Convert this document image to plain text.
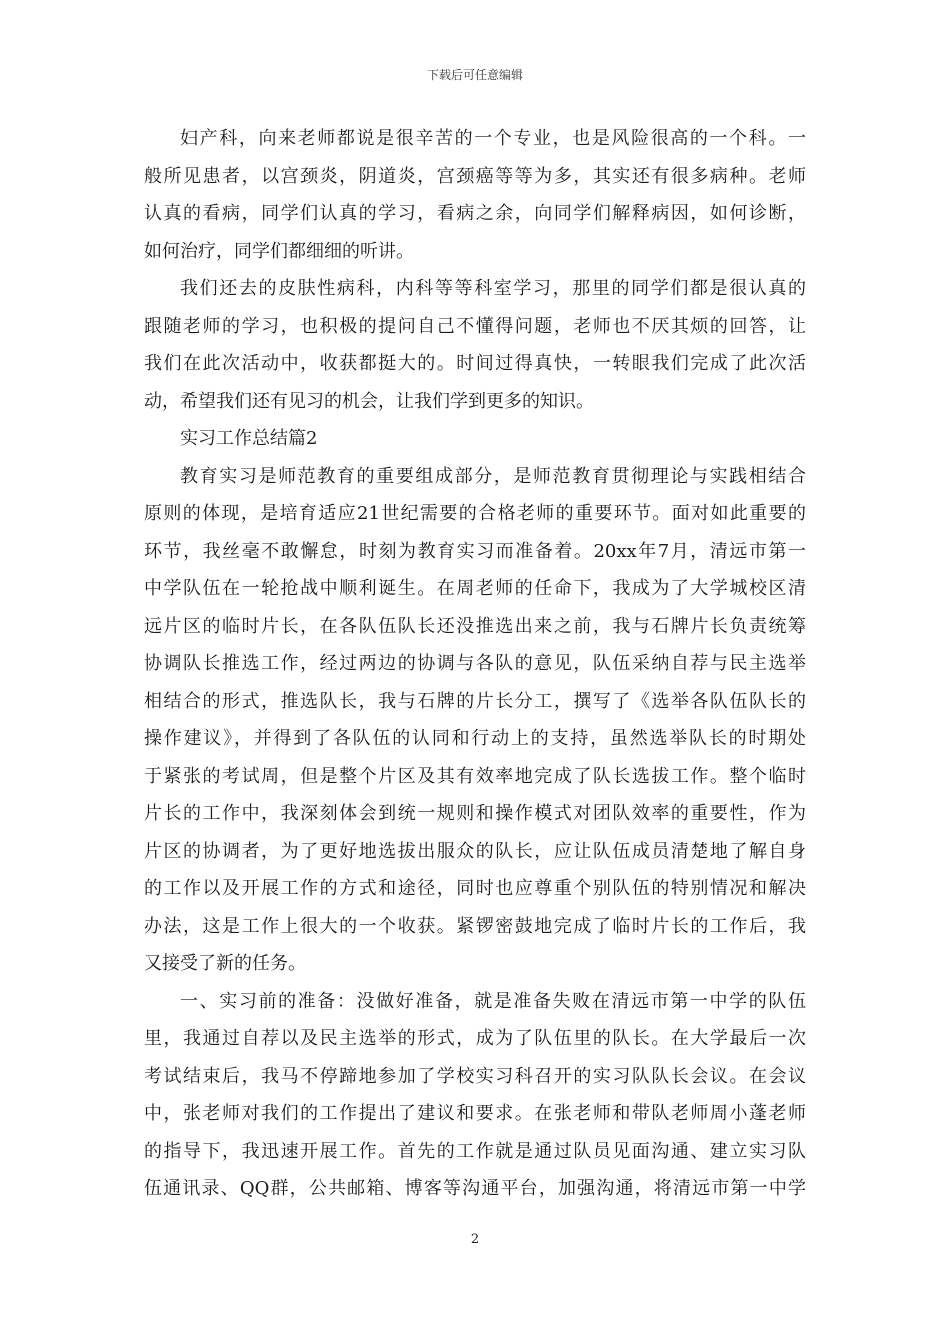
下载后可任意编辑

妇产科，向来老师都说是很辛苦的一个专业，也是风险很高的一个科。一
般所见患者，以宫颈炎，阴道炎，宫颈癌等等为多，其实还有很多病种。老师
认真的看病，同学们认真的学习，看病之余，向同学们解释病因，如何诊断，
如何治疗，同学们都细细的听讲。

我们还去的皮肤性病科，内科等等科室学习，那里的同学们都是很认真的
跟随老师的学习，也积极的提问自己不懂得问题，老师也不厌其烦的回答，让
我们在此次活动中，收获都挺大的。时间过得真快，一转眼我们完成了此次活
动，希望我们还有见习的机会，让我们学到更多的知识。

实习工作总结篇2

教育实习是师范教育的重要组成部分，是师范教育贯彻理论与实践相结合
原则的体现，是培育适应21世纪需要的合格老师的重要环节。面对如此重要的
环节，我丝毫不敢懈怠，时刻为教育实习而准备着。20xx年7月，清远市第一
中学队伍在一轮抢战中顺利诞生。在周老师的任命下，我成为了大学城校区清
远片区的临时片长，在各队伍队长还没推选出来之前，我与石牌片长负责统筹
协调队长推选工作，经过两边的协调与各队的意见，队伍采纳自荐与民主选举
相结合的形式，推选队长，我与石牌的片长分工，撰写了《选举各队伍队长的
操作建议》，并得到了各队伍的认同和行动上的支持，虽然选举队长的时期处
于紧张的考试周，但是整个片区及其有效率地完成了队长选拔工作。整个临时
片长的工作中，我深刻体会到统一规则和操作模式对团队效率的重要性，作为
片区的协调者，为了更好地选拔出服众的队长，应让队伍成员清楚地了解自身
的工作以及开展工作的方式和途径，同时也应尊重个别队伍的特别情况和解决
办法，这是工作上很大的一个收获。紧锣密鼓地完成了临时片长的工作后，我
又接受了新的任务。

一、实习前的准备：没做好准备，就是准备失败在清远市第一中学的队伍
里，我通过自荐以及民主选举的形式，成为了队伍里的队长。在大学最后一次
考试结束后，我马不停蹄地参加了学校实习科召开的实习队队长会议。在会议
中，张老师对我们的工作提出了建议和要求。在张老师和带队老师周小蓬老师
的指导下，我迅速开展工作。首先的工作就是通过队员见面沟通、建立实习队
伍通讯录、QQ群，公共邮箱、博客等沟通平台，加强沟通，将清远市第一中学

2
